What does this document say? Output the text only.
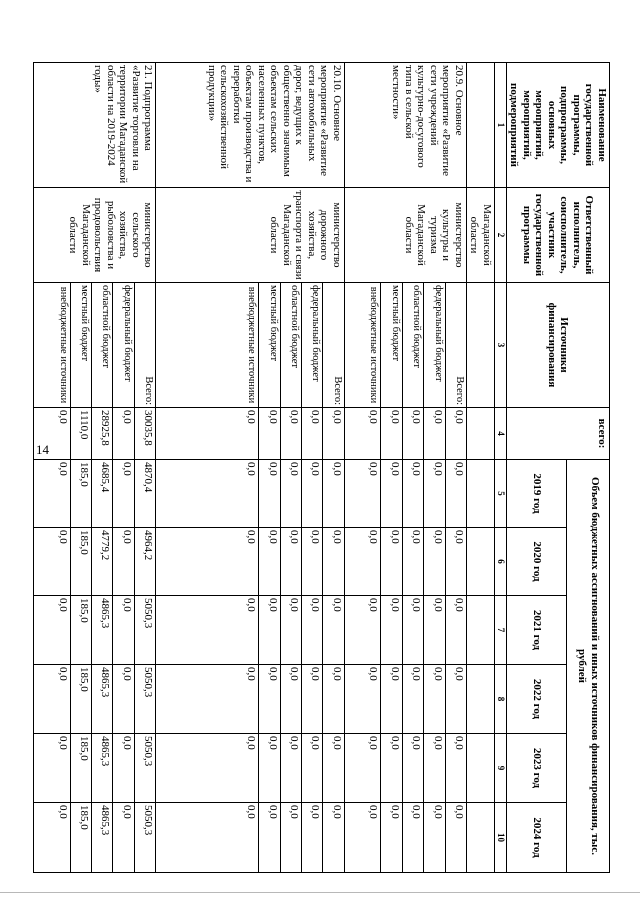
14
Наименование государственной программы, подпрограммы, основных мероприятий, мероприятий, подмероприятий	Ответственный исполнитель, соисполнитель, участник государственной программы	Источники финансирования	всего:	Объем бюджетных ассигнований и иных источников финансирования, тыс. рублей					
				2019 год	2020 год	2021 год	2022 год	2023 год	2024 год
1	2	3	4	5	6	7	8	9	10
	Магаданской области								
20.9. Основное мероприятие «Развитие сети учреждений культурно-досугового типа в сельской местности»	министерство культуры и туризма Магаданской области	Всего:	0,0	0,0	0,0	0,0	0,0	0,0	0,0
		федеральный бюджет	0,0	0,0	0,0	0,0	0,0	0,0	0,0
		областной бюджет	0,0	0,0	0,0	0,0	0,0	0,0	0,0
		местный бюджет	0,0	0,0	0,0	0,0	0,0	0,0	0,0
		внебюджетные источники	0,0	0,0	0,0	0,0	0,0	0,0	0,0
20.10. Основное мероприятие «Развитие сети автомобильных дорог, ведущих к общественно значимым объектам сельских населенных пунктов, объектам производства и переработки сельскохозяйственной продукции»	министерство дорожного хозяйства, транспорта и связи Магаданской области	Всего:	0,0	0,0	0,0	0,0	0,0	0,0	0,0
		федеральный бюджет	0,0	0,0	0,0	0,0	0,0	0,0	0,0
		областной бюджет	0,0	0,0	0,0	0,0	0,0	0,0	0,0
		местный бюджет	0,0	0,0	0,0	0,0	0,0	0,0	0,0
		внебюджетные источники	0,0	0,0	0,0	0,0	0,0	0,0	0,0
21. Подпрограмма «Развитие торговли на территории Магаданской области на 2019-2024 годы»	министерство сельского хозяйства, рыболовства и продовольствия Магаданской области	Всего:	30035,8	4870,4	4964,2	5050,3	5050,3	5050,3	5050,3
		федеральный бюджет	0,0	0,0	0,0	0,0	0,0	0,0	0,0
		областной бюджет	28925,8	4685,4	4779,2	4865,3	4865,3	4865,3	4865,3
		местный бюджет	1110,0	185,0	185,0	185,0	185,0	185,0	185,0
		внебюджетные источники	0,0	0,0	0,0	0,0	0,0	0,0	0,0
